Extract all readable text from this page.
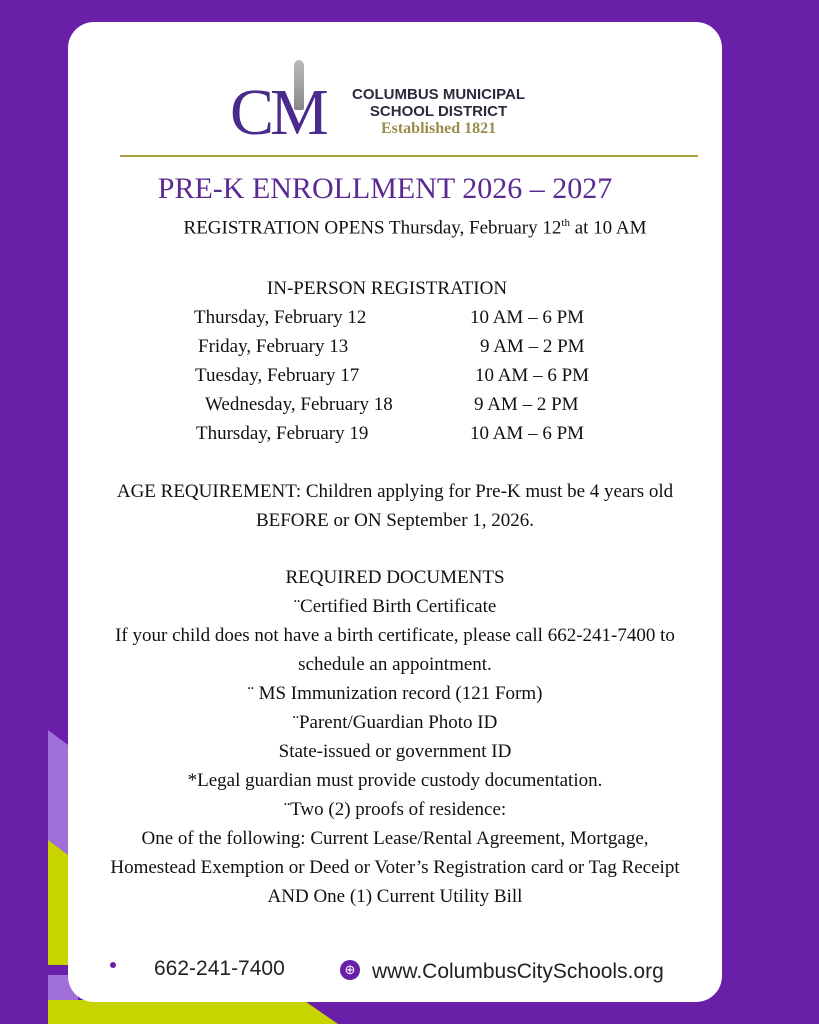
CM COLUMBUS MUNICIPAL
SCHOOL DISTRICT
Established 1821
PRE-K ENROLLMENT 2026 – 2027
REGISTRATION OPENS Thursday, February 12th at 10 AM
IN-PERSON REGISTRATION
Thursday, February 12	10 AM – 6 PM
Friday, February 13	9 AM – 2 PM
Tuesday, February 17	10 AM – 6 PM
Wednesday, February 18	9 AM – 2 PM
Thursday, February 19	10 AM – 6 PM
AGE REQUIREMENT: Children applying for Pre-K must be 4 years old
BEFORE or ON September 1, 2026.
REQUIRED DOCUMENTS
¨Certified Birth Certificate
If your child does not have a birth certificate, please call 662-241-7400 to
schedule an appointment.
¨ MS Immunization record (121 Form)
¨Parent/Guardian Photo ID
State-issued or government ID
*Legal guardian must provide custody documentation.
¨Two (2) proofs of residence:
One of the following: Current Lease/Rental Agreement, Mortgage,
Homestead Exemption or Deed or Voter’s Registration card or Tag Receipt
AND One (1) Current Utility Bill
662-241-7400	⊕ www.ColumbusCitySchools.org
